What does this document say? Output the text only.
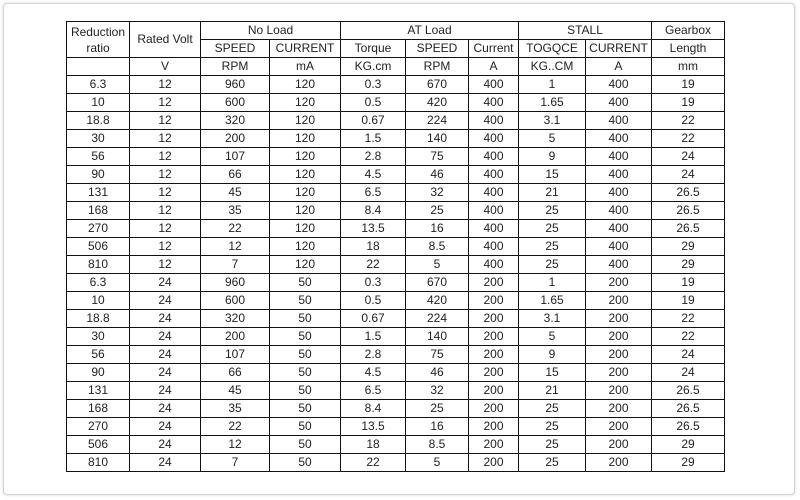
Reduction ratio	Rated Volt	No Load		AT Load			STALL		Gearbox
		SPEED	CURRENT	Torque	SPEED	Current	TOGQCE	CURRENT	Length
	V	RPM	mA	KG.cm	RPM	A	KG..CM	A	mm
6.3	12	960	120	0.3	670	400	1	400	19
10	12	600	120	0.5	420	400	1.65	400	19
18.8	12	320	120	0.67	224	400	3.1	400	22
30	12	200	120	1.5	140	400	5	400	22
56	12	107	120	2.8	75	400	9	400	24
90	12	66	120	4.5	46	400	15	400	24
131	12	45	120	6.5	32	400	21	400	26.5
168	12	35	120	8.4	25	400	25	400	26.5
270	12	22	120	13.5	16	400	25	400	26.5
506	12	12	120	18	8.5	400	25	400	29
810	12	7	120	22	5	400	25	400	29
6.3	24	960	50	0.3	670	200	1	200	19
10	24	600	50	0.5	420	200	1.65	200	19
18.8	24	320	50	0.67	224	200	3.1	200	22
30	24	200	50	1.5	140	200	5	200	22
56	24	107	50	2.8	75	200	9	200	24
90	24	66	50	4.5	46	200	15	200	24
131	24	45	50	6.5	32	200	21	200	26.5
168	24	35	50	8.4	25	200	25	200	26.5
270	24	22	50	13.5	16	200	25	200	26.5
506	24	12	50	18	8.5	200	25	200	29
810	24	7	50	22	5	200	25	200	29
